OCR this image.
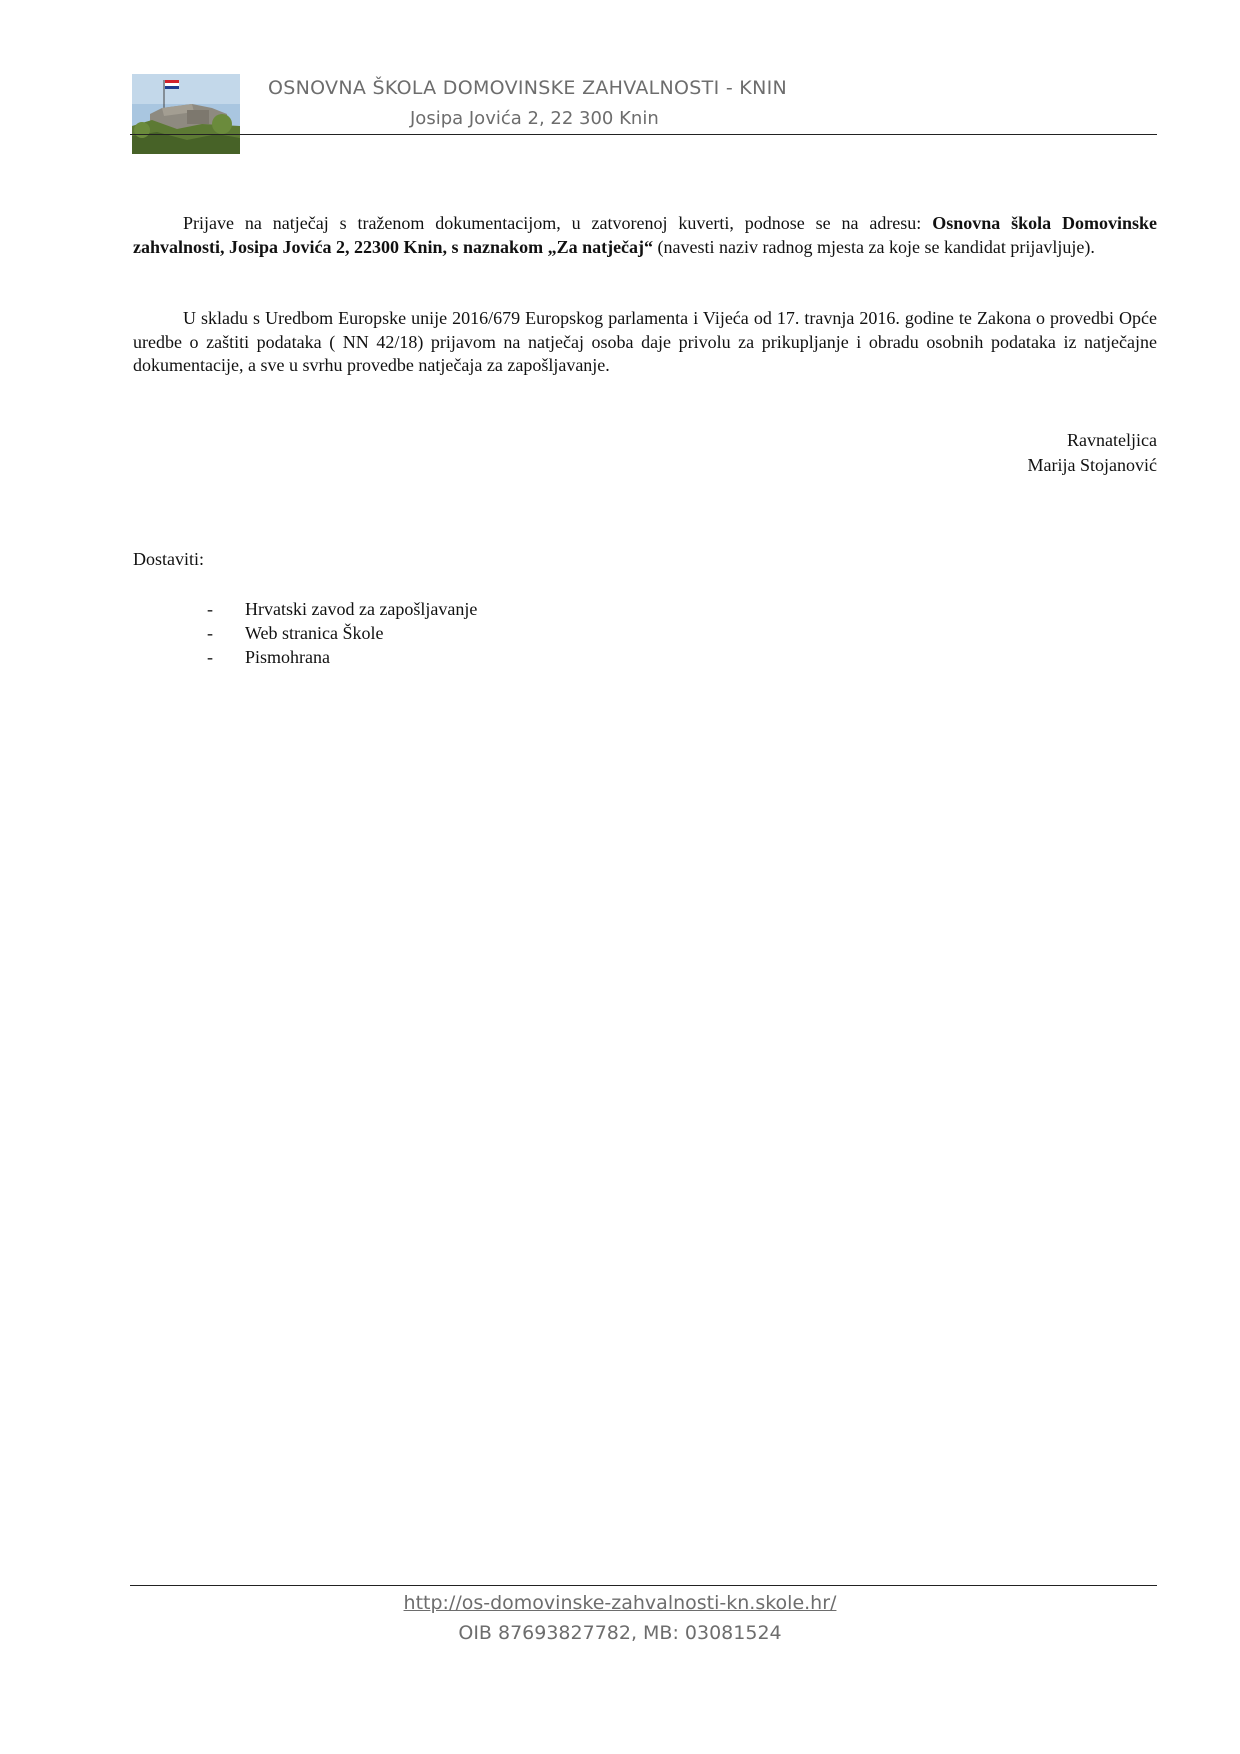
OSNOVNA ŠKOLA DOMOVINSKE ZAHVALNOSTI - KNIN
Josipa Jovića 2, 22 300 Knin
Prijave na natječaj s traženom dokumentacijom, u zatvorenoj kuverti, podnose se na adresu: Osnovna škola Domovinske zahvalnosti, Josipa Jovića 2, 22300 Knin, s naznakom „Za natječaj“ (navesti naziv radnog mjesta za koje se kandidat prijavljuje).
U skladu s Uredbom Europske unije 2016/679 Europskog parlamenta i Vijeća od 17. travnja 2016. godine te Zakona o provedbi Opće uredbe o zaštiti podataka ( NN 42/18) prijavom na natječaj osoba daje privolu za prikupljanje i obradu osobnih podataka iz natječajne dokumentacije, a sve u svrhu provedbe natječaja za zapošljavanje.
Ravnateljica
Marija Stojanović
Dostaviti:
- Hrvatski zavod za zapošljavanje
- Web stranica Škole
- Pismohrana
http://os-domovinske-zahvalnosti-kn.skole.hr/
OIB 87693827782, MB: 03081524
